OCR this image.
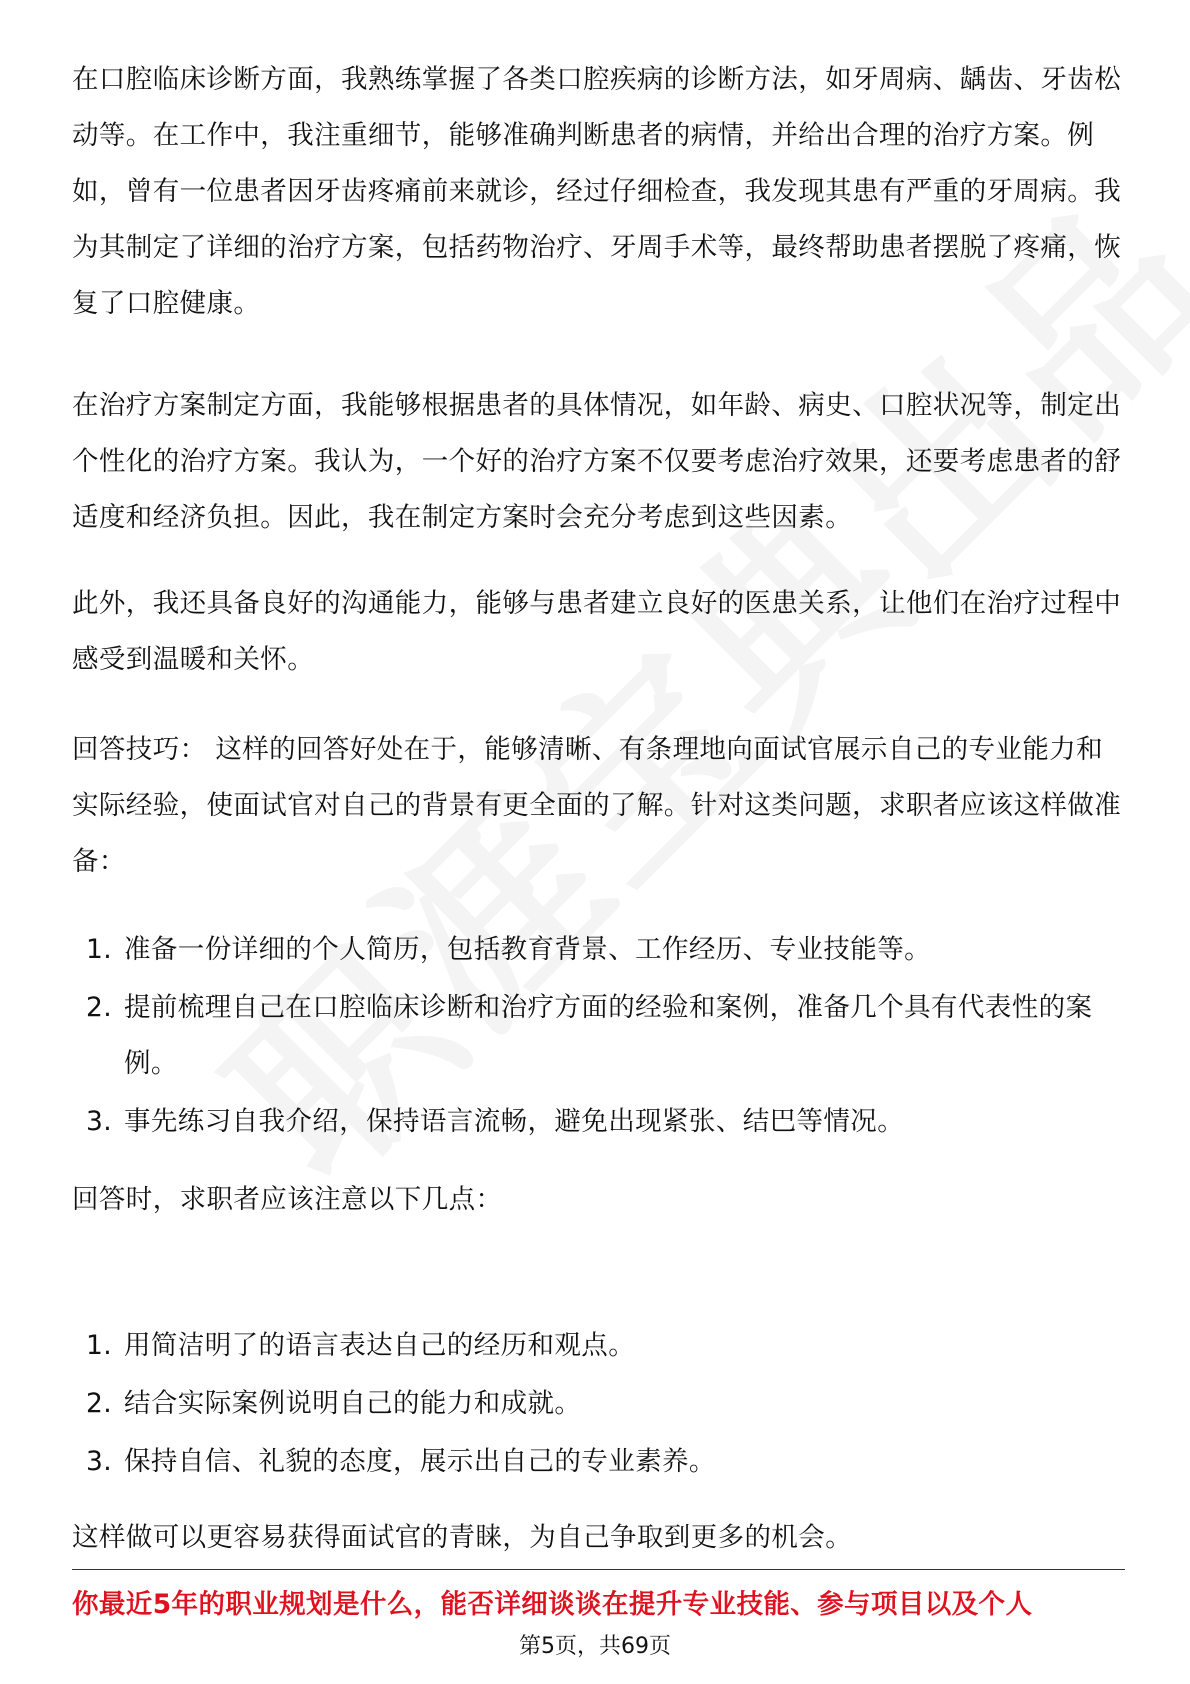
在口腔临床诊断方面，我熟练掌握了各类口腔疾病的诊断方法，如牙周病、龋齿、牙齿松动等。在工作中，我注重细节，能够准确判断患者的病情，并给出合理的治疗方案。例如，曾有一位患者因牙齿疼痛前来就诊，经过仔细检查，我发现其患有严重的牙周病。我为其制定了详细的治疗方案，包括药物治疗、牙周手术等，最终帮助患者摆脱了疼痛，恢复了口腔健康。

在治疗方案制定方面，我能够根据患者的具体情况，如年龄、病史、口腔状况等，制定出个性化的治疗方案。我认为，一个好的治疗方案不仅要考虑治疗效果，还要考虑患者的舒适度和经济负担。因此，我在制定方案时会充分考虑到这些因素。

此外，我还具备良好的沟通能力，能够与患者建立良好的医患关系，让他们在治疗过程中感受到温暖和关怀。

回答技巧： 这样的回答好处在于，能够清晰、有条理地向面试官展示自己的专业能力和实际经验，使面试官对自己的背景有更全面的了解。针对这类问题，求职者应该这样做准备：

1. 准备一份详细的个人简历，包括教育背景、工作经历、专业技能等。
2. 提前梳理自己在口腔临床诊断和治疗方面的经验和案例，准备几个具有代表性的案例。
3. 事先练习自我介绍，保持语言流畅，避免出现紧张、结巴等情况。

回答时，求职者应该注意以下几点：

1. 用简洁明了的语言表达自己的经历和观点。
2. 结合实际案例说明自己的能力和成就。
3. 保持自信、礼貌的态度，展示出自己的专业素养。

这样做可以更容易获得面试官的青睐，为自己争取到更多的机会。

你最近5年的职业规划是什么，能否详细谈谈在提升专业技能、参与项目以及个人
第5页，共69页
